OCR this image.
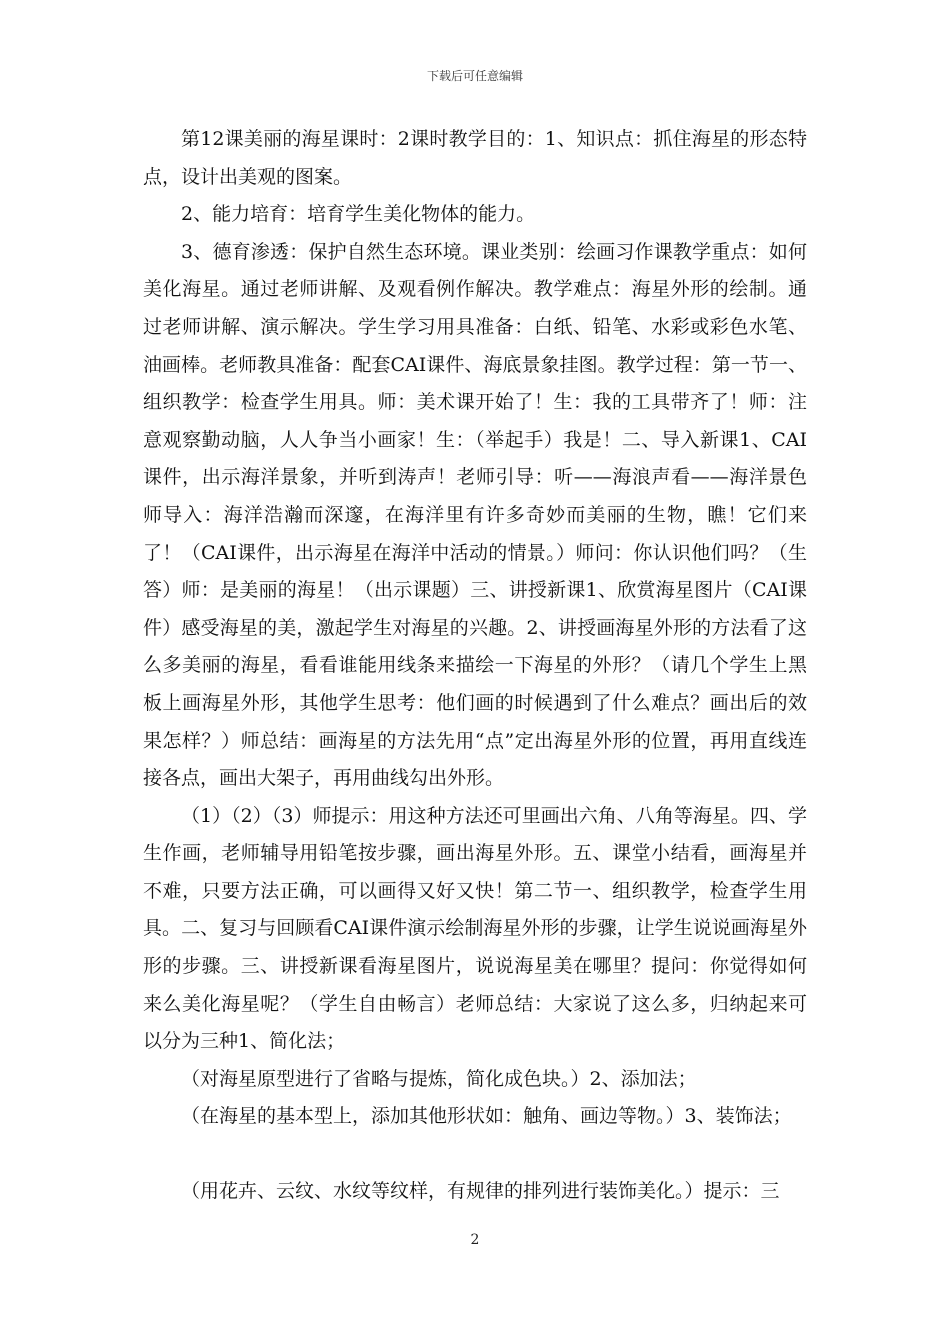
下载后可任意编辑

第12课美丽的海星课时：2课时教学目的：1、知识点：抓住海星的形态特点，设计出美观的图案。

2、能力培育：培育学生美化物体的能力。

3、德育渗透：保护自然生态环境。课业类别：绘画习作课教学重点：如何美化海星。通过老师讲解、及观看例作解决。教学难点：海星外形的绘制。通过老师讲解、演示解决。学生学习用具准备：白纸、铅笔、水彩或彩色水笔、油画棒。老师教具准备：配套CAI课件、海底景象挂图。教学过程：第一节一、组织教学：检查学生用具。师：美术课开始了！生：我的工具带齐了！师：注意观察勤动脑，人人争当小画家！生：（举起手）我是！二、导入新课1、CAI课件，出示海洋景象，并听到涛声！老师引导：听——海浪声看——海洋景色师导入：海洋浩瀚而深邃，在海洋里有许多奇妙而美丽的生物，瞧！它们来了！（CAI课件，出示海星在海洋中活动的情景。）师问：你认识他们吗？（生答）师：是美丽的海星！（出示课题）三、讲授新课1、欣赏海星图片（CAI课件）感受海星的美，激起学生对海星的兴趣。2、讲授画海星外形的方法看了这么多美丽的海星，看看谁能用线条来描绘一下海星的外形？（请几个学生上黑板上画海星外形，其他学生思考：他们画的时候遇到了什么难点？画出后的效果怎样？）师总结：画海星的方法先用“点”定出海星外形的位置，再用直线连接各点，画出大架子，再用曲线勾出外形。

（1）（2）（3）师提示：用这种方法还可里画出六角、八角等海星。四、学生作画，老师辅导用铅笔按步骤，画出海星外形。五、课堂小结看，画海星并不难，只要方法正确，可以画得又好又快！第二节一、组织教学，检查学生用具。二、复习与回顾看CAI课件演示绘制海星外形的步骤，让学生说说画海星外形的步骤。三、讲授新课看海星图片，说说海星美在哪里？提问：你觉得如何来么美化海星呢？（学生自由畅言）老师总结：大家说了这么多，归纳起来可以分为三种1、简化法；

（对海星原型进行了省略与提炼，简化成色块。）2、添加法；

（在海星的基本型上，添加其他形状如：触角、画边等物。）3、装饰法；

（用花卉、云纹、水纹等纹样，有规律的排列进行装饰美化。）提示：三

2
